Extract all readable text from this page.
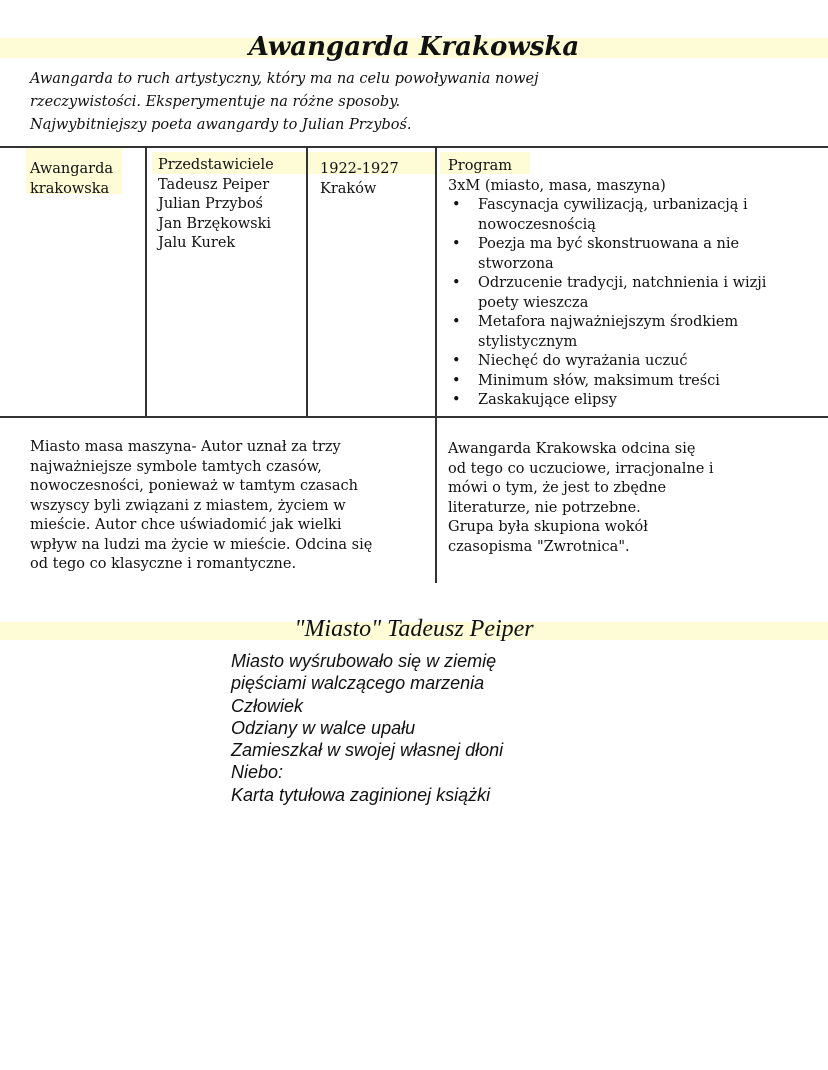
Awangarda Krakowska
Awangarda to ruch artystyczny, który ma na celu powoływania nowej
rzeczywistości. Eksperymentuje na różne sposoby.
Najwybitniejszy poeta awangardy to Julian Przyboś.
Awangarda
krakowska
Przedstawiciele
Tadeusz Peiper
Julian Przyboś
Jan Brzękowski
Jalu Kurek
1922-1927
Kraków
Program
3xM (miasto, masa, maszyna)
• Fascynacja cywilizacją, urbanizacją i nowoczesnością
• Poezja ma być skonstruowana a nie stworzona
• Odrzucenie tradycji, natchnienia i wizji poety wieszcza
• Metafora najważniejszym środkiem stylistycznym
• Niechęć do wyrażania uczuć
• Minimum słów, maksimum treści
• Zaskakujące elipsy
Miasto masa maszyna- Autor uznał za trzy
najważniejsze symbole tamtych czasów,
nowoczesności, ponieważ w tamtym czasach
wszyscy byli związani z miastem, życiem w
mieście. Autor chce uświadomić jak wielki
wpływ na ludzi ma życie w mieście. Odcina się
od tego co klasyczne i romantyczne.
Awangarda Krakowska odcina się
od tego co uczuciowe, irracjonalne i
mówi o tym, że jest to zbędne
literaturze, nie potrzebne.
Grupa była skupiona wokół
czasopisma "Zwrotnica".
"Miasto" Tadeusz Peiper
Miasto wyśrubowało się w ziemię
pięściami walczącego marzenia
Człowiek
Odziany w walce upału
Zamieszkał w swojej własnej dłoni
Niebo:
Karta tytułowa zaginionej książki
